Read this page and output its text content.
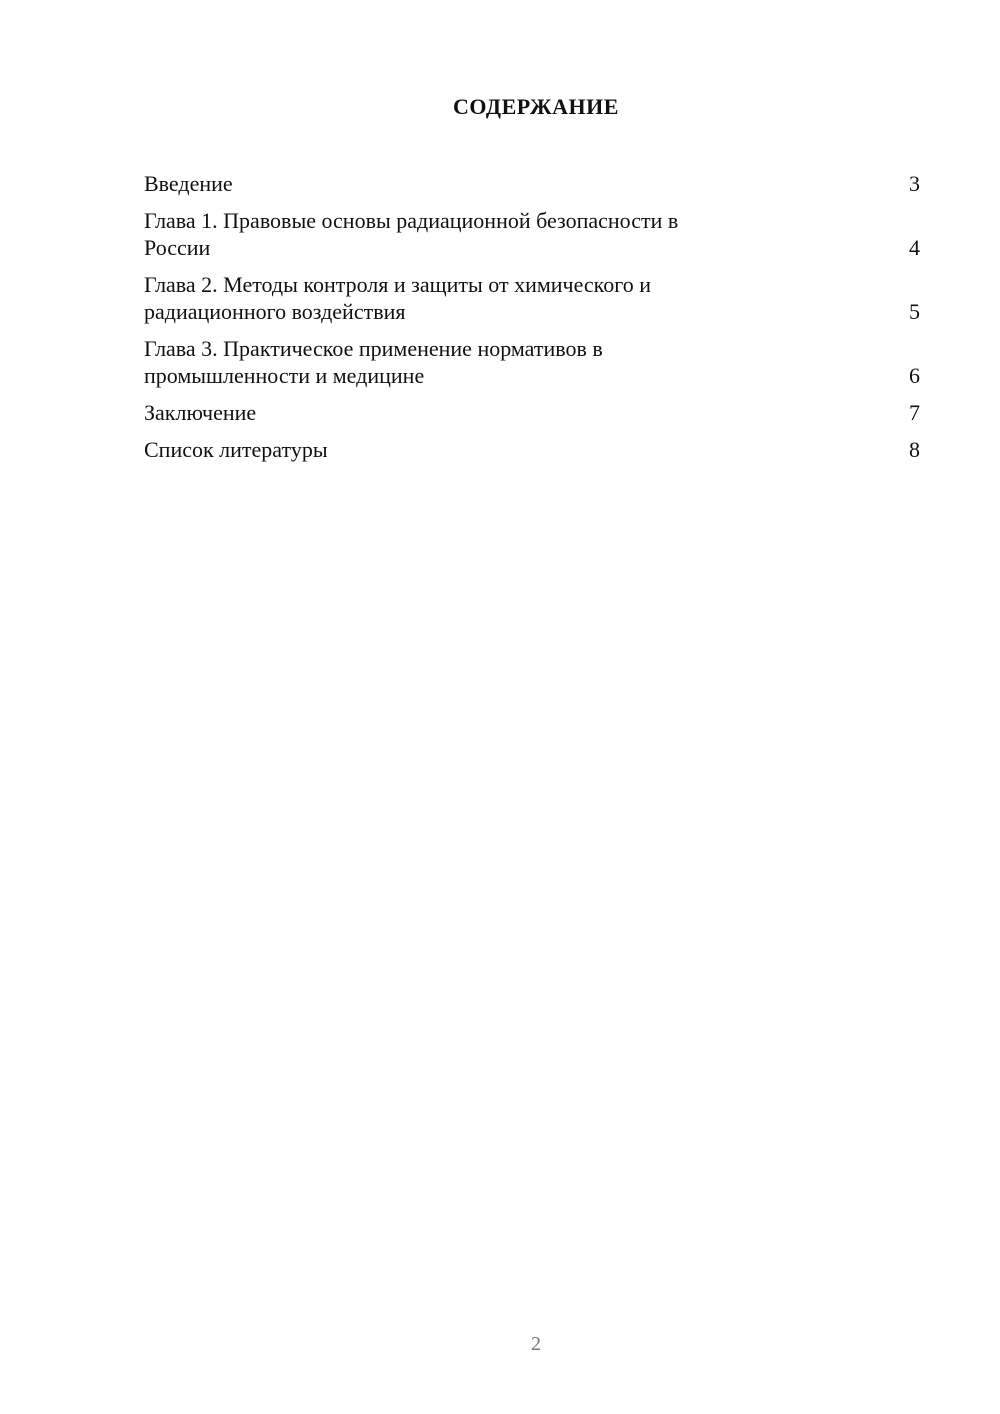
СОДЕРЖАНИЕ
Введение	3
Глава 1. Правовые основы радиационной безопасности в
России	4
Глава 2. Методы контроля и защиты от химического и
радиационного воздействия	5
Глава 3. Практическое применение нормативов в
промышленности и медицине	6
Заключение	7
Список литературы	8
2
